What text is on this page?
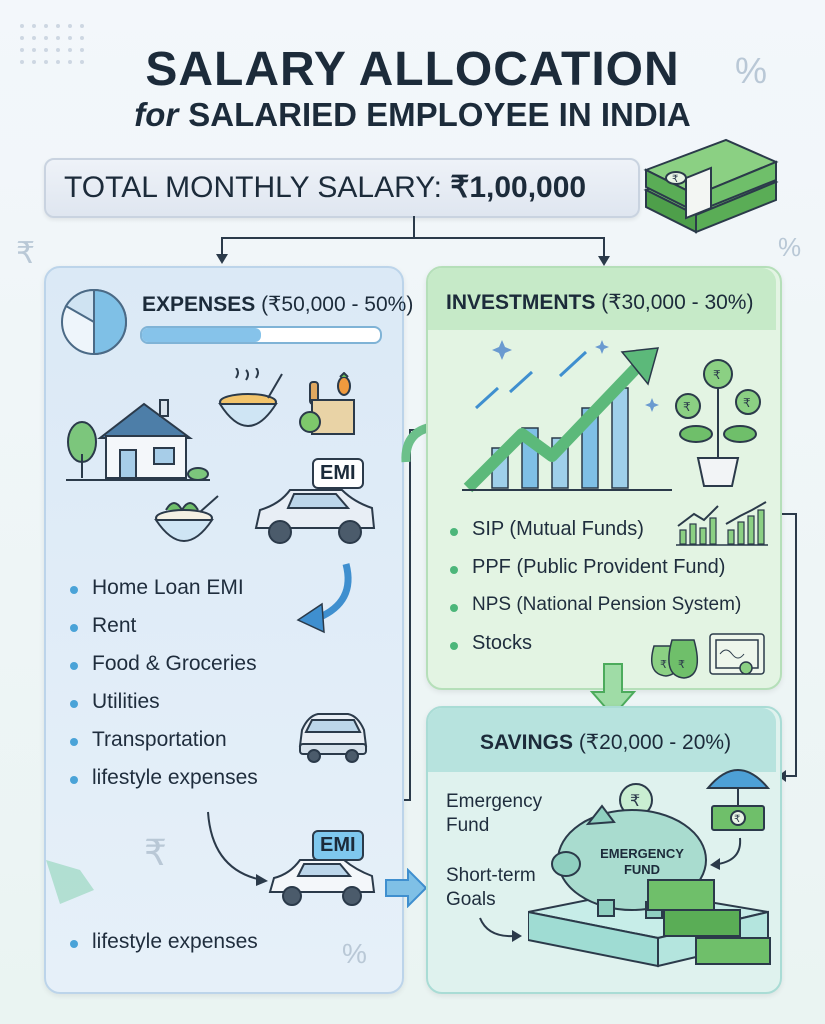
%
₹	%
SALARY ALLOCATION
for SALARIED EMPLOYEE IN INDIA
TOTAL MONTHLY SALARY: ₹1,00,000	₹
EXPENSES (₹50,000 - 50%)
EMI
Home Loan EMI
Rent
Food & Groceries
Utilities
Transportation
lifestyle expenses
₹	EMI
lifestyle expenses	%
INVESTMENTS (₹30,000 - 30%)
₹
₹	₹
SIP (Mutual Funds)
PPF (Public Provident Fund)
NPS (National Pension System)
Stocks
₹ ₹
SAVINGS (₹20,000 - 20%)
₹
Emergency Fund
Short-term Goals
₹
EMERGENCY
FUND
